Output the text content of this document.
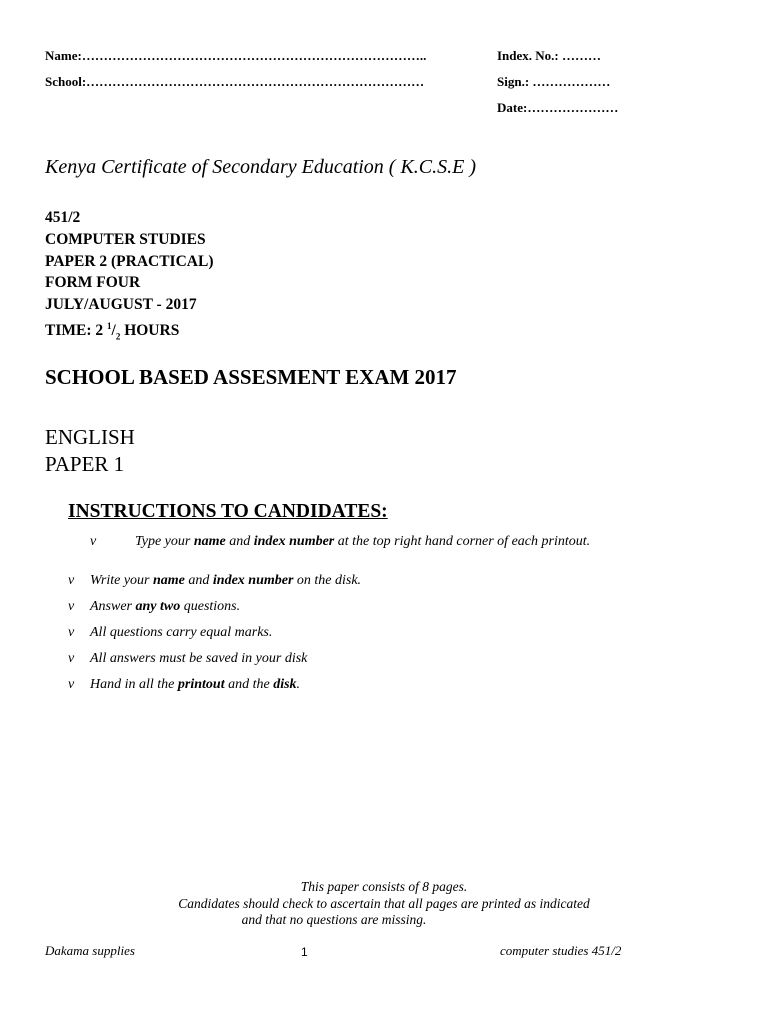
Name:……………………………………………………………………..
School:……………………………………………………………………
Index. No.: ………
Sign.: ………………
Date:…………………
Kenya Certificate of Secondary Education ( K.C.S.E )
451/2
COMPUTER STUDIES
PAPER 2 (PRACTICAL)
FORM FOUR
JULY/AUGUST - 2017
TIME: 2 $^1/_2$ HOURS
SCHOOL BASED ASSESMENT EXAM 2017
ENGLISH
PAPER 1
INSTRUCTIONS TO CANDIDATES:
v	Type your name and index number at the top right hand corner of each printout.
v Write your name and index number on the disk.
v Answer any two questions.
v All questions carry equal marks.
v All answers must be saved in your disk
v Hand in all the printout and the disk.
This paper consists of 8 pages.
Candidates should check to ascertain that all pages are printed as indicated
and that no questions are missing.
Dakama supplies	1	computer studies 451/2
